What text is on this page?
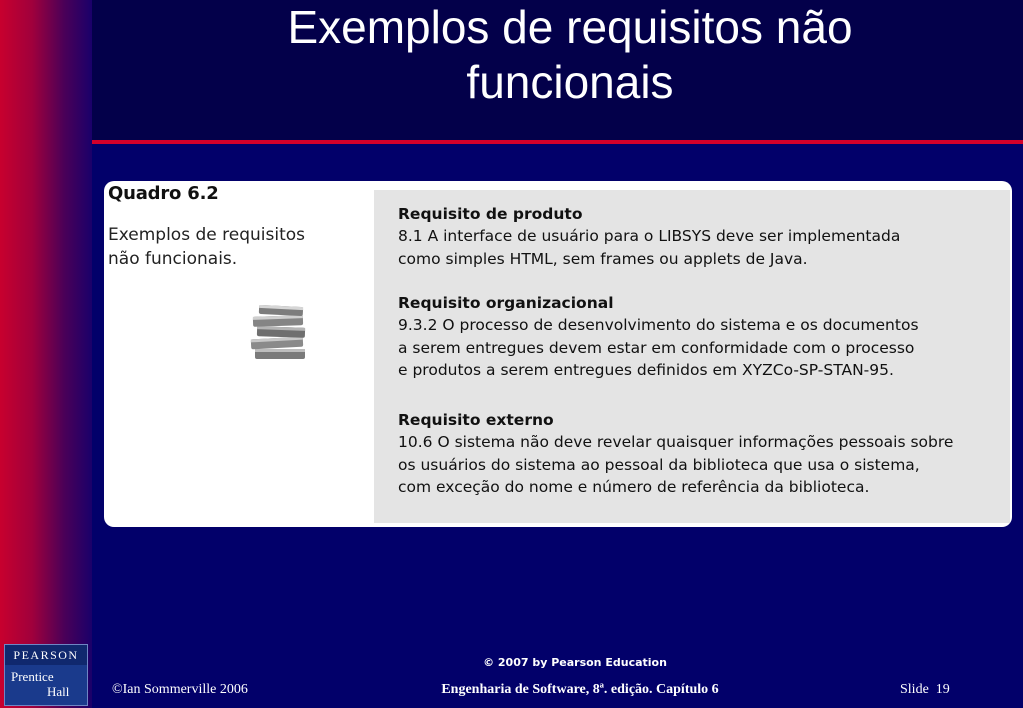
Exemplos de requisitos não
funcionais
Quadro 6.2
Exemplos de requisitos
não funcionais.
Requisito de produto
8.1 A interface de usuário para o LIBSYS deve ser implementada
como simples HTML, sem frames ou applets de Java.
Requisito organizacional
9.3.2 O processo de desenvolvimento do sistema e os documentos
a serem entregues devem estar em conformidade com o processo
e produtos a serem entregues definidos em XYZCo-SP-STAN-95.
Requisito externo
10.6 O sistema não deve revelar quaisquer informações pessoais sobre
os usuários do sistema ao pessoal da biblioteca que usa o sistema,
com exceção do nome e número de referência da biblioteca.
© 2007 by Pearson Education
©Ian Sommerville 2006	Engenharia de Software, 8ª. edição. Capítulo 6	Slide 19
PEARSON
Prentice
Hall
